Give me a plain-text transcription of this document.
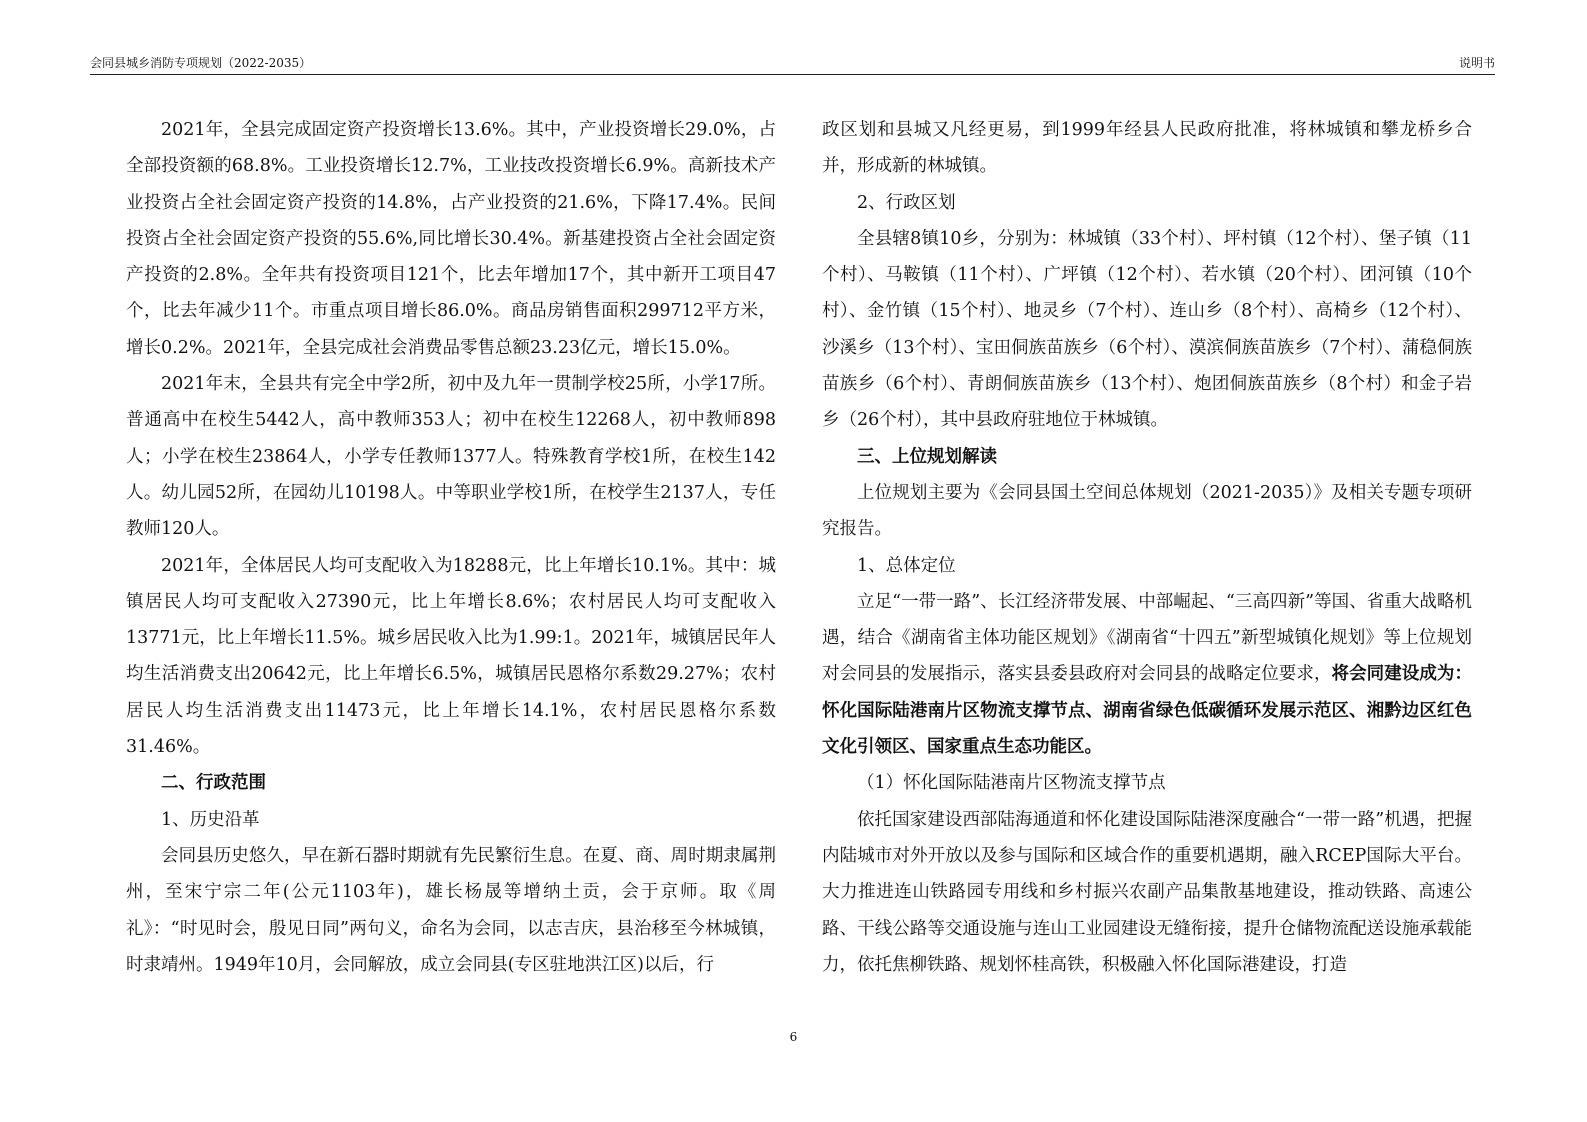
会同县城乡消防专项规划（2022-2035）	说明书

2021年，全县完成固定资产投资增长13.6%。其中，产业投资增长29.0%，占全部投资额的68.8%。工业投资增长12.7%，工业技改投资增长6.9%。高新技术产业投资占全社会固定资产投资的14.8%，占产业投资的21.6%，下降17.4%。民间投资占全社会固定资产投资的55.6%,同比增长30.4%。新基建投资占全社会固定资产投资的2.8%。全年共有投资项目121个，比去年增加17个，其中新开工项目47个，比去年减少11个。市重点项目增长86.0%。商品房销售面积299712平方米，增长0.2%。2021年，全县完成社会消费品零售总额23.23亿元，增长15.0%。

2021年末，全县共有完全中学2所，初中及九年一贯制学校25所，小学17所。普通高中在校生5442人，高中教师353人；初中在校生12268人，初中教师898人；小学在校生23864人，小学专任教师1377人。特殊教育学校1所，在校生142人。幼儿园52所，在园幼儿10198人。中等职业学校1所，在校学生2137人，专任教师120人。

2021年，全体居民人均可支配收入为18288元，比上年增长10.1%。其中：城镇居民人均可支配收入27390元，比上年增长8.6%；农村居民人均可支配收入13771元，比上年增长11.5%。城乡居民收入比为1.99:1。2021年，城镇居民年人均生活消费支出20642元，比上年增长6.5%，城镇居民恩格尔系数29.27%；农村居民人均生活消费支出11473元，比上年增长14.1%，农村居民恩格尔系数31.46%。

二、行政范围

1、历史沿革

会同县历史悠久，早在新石器时期就有先民繁衍生息。在夏、商、周时期隶属荆州，至宋宁宗二年(公元1103年)，雄长杨晟等增纳土贡，会于京师。取《周礼》：“时见时会，殷见日同”两句义，命名为会同，以志吉庆，县治移至今林城镇，时隶靖州。1949年10月，会同解放，成立会同县(专区驻地洪江区)以后，行

政区划和县城又凡经更易，到1999年经县人民政府批准，将林城镇和攀龙桥乡合并，形成新的林城镇。

2、行政区划

全县辖8镇10乡，分别为：林城镇（33个村）、坪村镇（12个村）、堡子镇（11个村）、马鞍镇（11个村）、广坪镇（12个村）、若水镇（20个村）、团河镇（10个村）、金竹镇（15个村）、地灵乡（7个村）、连山乡（8个村）、高椅乡（12个村）、沙溪乡（13个村）、宝田侗族苗族乡（6个村）、漠滨侗族苗族乡（7个村）、蒲稳侗族苗族乡（6个村）、青朗侗族苗族乡（13个村）、炮团侗族苗族乡（8个村）和金子岩乡（26个村），其中县政府驻地位于林城镇。

三、上位规划解读

上位规划主要为《会同县国土空间总体规划（2021-2035）》及相关专题专项研究报告。

1、总体定位

立足“一带一路”、长江经济带发展、中部崛起、“三高四新”等国、省重大战略机遇，结合《湖南省主体功能区规划》《湖南省“十四五”新型城镇化规划》等上位规划对会同县的发展指示，落实县委县政府对会同县的战略定位要求，将会同建设成为：怀化国际陆港南片区物流支撑节点、湖南省绿色低碳循环发展示范区、湘黔边区红色文化引领区、国家重点生态功能区。

（1）怀化国际陆港南片区物流支撑节点

依托国家建设西部陆海通道和怀化建设国际陆港深度融合“一带一路”机遇，把握内陆城市对外开放以及参与国际和区域合作的重要机遇期，融入RCEP国际大平台。大力推进连山铁路园专用线和乡村振兴农副产品集散基地建设，推动铁路、高速公路、干线公路等交通设施与连山工业园建设无缝衔接，提升仓储物流配送设施承载能力，依托焦柳铁路、规划怀桂高铁，积极融入怀化国际港建设，打造

6
